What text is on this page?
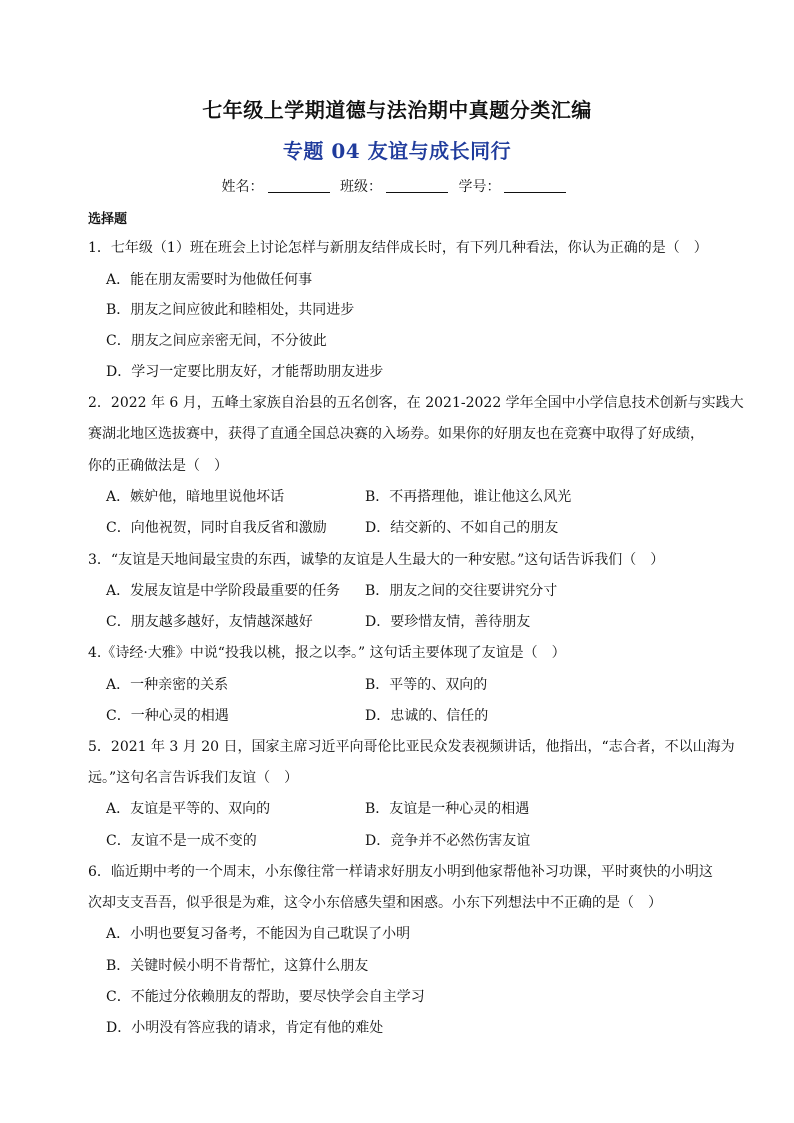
七年级上学期道德与法治期中真题分类汇编
专题 04 友谊与成长同行
姓名：	班级：	学号：
选择题
1．七年级（1）班在班会上讨论怎样与新朋友结伴成长时，有下列几种看法，你认为正确的是（　）
A．能在朋友需要时为他做任何事
B．朋友之间应彼此和睦相处，共同进步
C．朋友之间应亲密无间，不分彼此
D．学习一定要比朋友好，才能帮助朋友进步
2．2022 年 6 月，五峰土家族自治县的五名创客，在 2021-2022 学年全国中小学信息技术创新与实践大
赛湖北地区选拔赛中，获得了直通全国总决赛的入场券。如果你的好朋友也在竞赛中取得了好成绩，
你的正确做法是（　）
A．嫉妒他，暗地里说他坏话	B．不再搭理他，谁让他这么风光
C．向他祝贺，同时自我反省和激励	D．结交新的、不如自己的朋友
3．“友谊是天地间最宝贵的东西，诚挚的友谊是人生最大的一种安慰。”这句话告诉我们（　）
A．发展友谊是中学阶段最重要的任务 B．朋友之间的交往要讲究分寸
C．朋友越多越好，友情越深越好	D．要珍惜友情，善待朋友
4.《诗经·大雅》中说“投我以桃，报之以李。” 这句话主要体现了友谊是（　）
A．一种亲密的关系	B．平等的、双向的
C．一种心灵的相遇	D．忠诚的、信任的
5．2021 年 3 月 20 日，国家主席习近平向哥伦比亚民众发表视频讲话，他指出，“志合者，不以山海为
远。”这句名言告诉我们友谊（　）
A．友谊是平等的、双向的	B．友谊是一种心灵的相遇
C．友谊不是一成不变的	D．竞争并不必然伤害友谊
6．临近期中考的一个周末，小东像往常一样请求好朋友小明到他家帮他补习功课，平时爽快的小明这
次却支支吾吾，似乎很是为难，这令小东倍感失望和困惑。小东下列想法中不正确的是（　）
A．小明也要复习备考，不能因为自己耽误了小明
B．关键时候小明不肯帮忙，这算什么朋友
C．不能过分依赖朋友的帮助，要尽快学会自主学习
D．小明没有答应我的请求，肯定有他的难处
